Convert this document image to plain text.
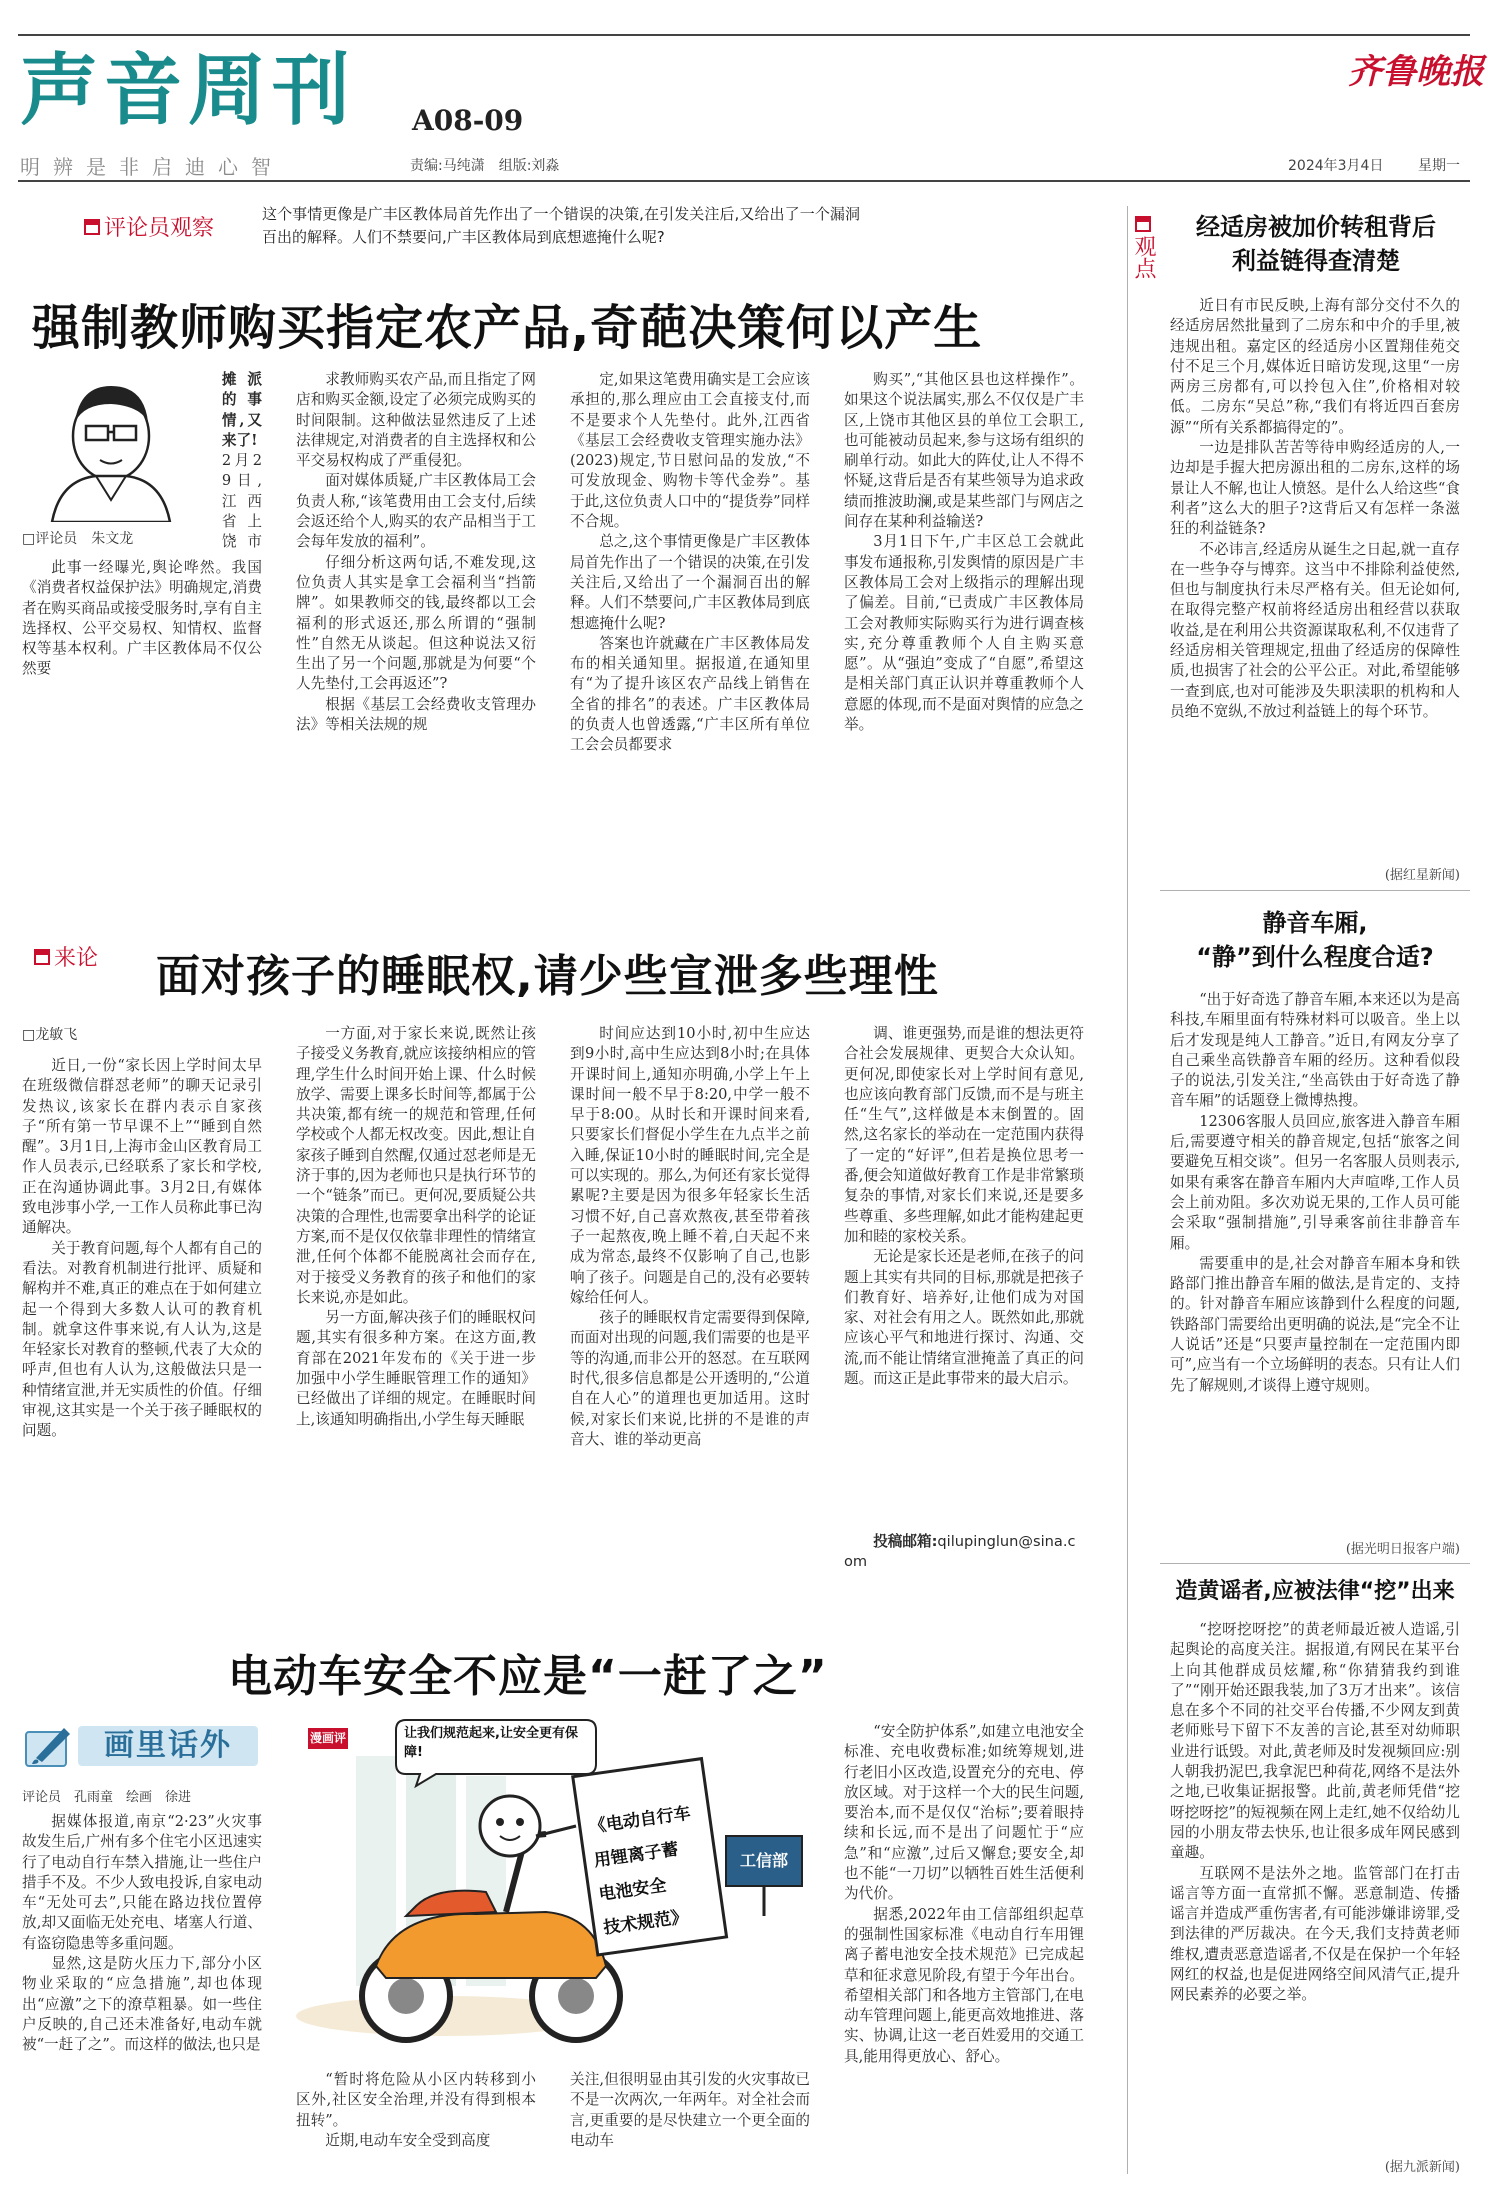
声音周刊 A08-09
明辨是非启迪心智	责编:马纯潇　组版:刘淼	2024年3月4日 星期一
齐鲁晚报
评论员观察
这个事情更像是广丰区教体局首先作出了一个错误的决策,在引发关注后,又给出了一个漏洞百出的解释。人们不禁要问,广丰区教体局到底想遮掩什么呢?
强制教师购买指定农产品,奇葩决策何以产生
□评论员　朱文龙
摊派的事情,又来了!
2月29日,江西省上饶市
此事一经曝光,舆论哗然。我国《消费者权益保护法》明确规定,消费者在购买商品或接受服务时,享有自主选择权、公平交易权、知情权、监督权等基本权利。广丰区教体局不仅公然要
求教师购买农产品,而且指定了网店和购买金额,设定了必须完成购买的时间限制。这种做法显然违反了上述法律规定,对消费者的自主选择权和公平交易权构成了严重侵犯。
面对媒体质疑,广丰区教体局工会负责人称,“该笔费用由工会支付,后续会返还给个人,购买的农产品相当于工会每年发放的福利”。
仔细分析这两句话,不难发现,这位负责人其实是拿工会福利当“挡箭牌”。如果教师交的钱,最终都以工会福利的形式返还,那么所谓的“强制性”自然无从谈起。但这种说法又衍生出了另一个问题,那就是为何要“个人先垫付,工会再返还”?
根据《基层工会经费收支管理办法》等相关法规的规
定,如果这笔费用确实是工会应该承担的,那么理应由工会直接支付,而不是要求个人先垫付。此外,江西省《基层工会经费收支管理实施办法》(2023)规定,节日慰问品的发放,“不可发放现金、购物卡等代金券”。基于此,这位负责人口中的“提货券”同样不合规。
总之,这个事情更像是广丰区教体局首先作出了一个错误的决策,在引发关注后,又给出了一个漏洞百出的解释。人们不禁要问,广丰区教体局到底想遮掩什么呢?
答案也许就藏在广丰区教体局发布的相关通知里。据报道,在通知里有“为了提升该区农产品线上销售在全省的排名”的表述。广丰区教体局的负责人也曾透露,“广丰区所有单位工会会员都要求
购买”,“其他区县也这样操作”。如果这个说法属实,那么不仅仅是广丰区,上饶市其他区县的单位工会职工,也可能被动员起来,参与这场有组织的刷单行动。如此大的阵仗,让人不得不怀疑,这背后是否有某些领导为追求政绩而推波助澜,或是某些部门与网店之间存在某种利益输送?
3月1日下午,广丰区总工会就此事发布通报称,引发舆情的原因是广丰区教体局工会对上级指示的理解出现了偏差。目前,“已责成广丰区教体局工会对教师实际购买行为进行调查核实,充分尊重教师个人自主购买意愿”。从“强迫”变成了“自愿”,希望这是相关部门真正认识并尊重教师个人意愿的体现,而不是面对舆情的应急之举。
来论 面对孩子的睡眠权,请少些宣泄多些理性
□龙敏飞
近日,一份“家长因上学时间太早在班级微信群怼老师”的聊天记录引发热议,该家长在群内表示自家孩子“所有第一节早课不上”“睡到自然醒”。3月1日,上海市金山区教育局工作人员表示,已经联系了家长和学校,正在沟通协调此事。3月2日,有媒体致电涉事小学,一工作人员称此事已沟通解决。
关于教育问题,每个人都有自己的看法。对教育机制进行批评、质疑和解构并不难,真正的难点在于如何建立起一个得到大多数人认可的教育机制。就拿这件事来说,有人认为,这是年轻家长对教育的整顿,代表了大众的呼声,但也有人认为,这般做法只是一种情绪宣泄,并无实质性的价值。仔细审视,这其实是一个关于孩子睡眠权的问题。
一方面,对于家长来说,既然让孩子接受义务教育,就应该接纳相应的管理,学生什么时间开始上课、什么时候放学、需要上课多长时间等,都属于公共决策,都有统一的规范和管理,任何学校或个人都无权改变。因此,想让自家孩子睡到自然醒,仅通过怼老师是无济于事的,因为老师也只是执行环节的一个“链条”而已。更何况,要质疑公共决策的合理性,也需要拿出科学的论证方案,而不是仅仅依靠非理性的情绪宣泄,任何个体都不能脱离社会而存在,对于接受义务教育的孩子和他们的家长来说,亦是如此。
另一方面,解决孩子们的睡眠权问题,其实有很多种方案。在这方面,教育部在2021年发布的《关于进一步加强中小学生睡眠管理工作的通知》已经做出了详细的规定。在睡眠时间上,该通知明确指出,小学生每天睡眠
时间应达到10小时,初中生应达到9小时,高中生应达到8小时;在具体开课时间上,通知亦明确,小学上午上课时间一般不早于8:20,中学一般不早于8:00。从时长和开课时间来看,只要家长们督促小学生在九点半之前入睡,保证10小时的睡眠时间,完全是可以实现的。那么,为何还有家长觉得累呢?主要是因为很多年轻家长生活习惯不好,自己喜欢熬夜,甚至带着孩子一起熬夜,晚上睡不着,白天起不来成为常态,最终不仅影响了自己,也影响了孩子。问题是自己的,没有必要转嫁给任何人。
孩子的睡眠权肯定需要得到保障,而面对出现的问题,我们需要的也是平等的沟通,而非公开的怒怼。在互联网时代,很多信息都是公开透明的,“公道自在人心”的道理也更加适用。这时候,对家长们来说,比拼的不是谁的声音大、谁的举动更高
调、谁更强势,而是谁的想法更符合社会发展规律、更契合大众认知。更何况,即使家长对上学时间有意见,也应该向教育部门反馈,而不是与班主任“生气”,这样做是本末倒置的。固然,这名家长的举动在一定范围内获得了一定的“好评”,但若是换位思考一番,便会知道做好教育工作是非常繁琐复杂的事情,对家长们来说,还是要多些尊重、多些理解,如此才能构建起更加和睦的家校关系。
无论是家长还是老师,在孩子的问题上其实有共同的目标,那就是把孩子们教育好、培养好,让他们成为对国家、对社会有用之人。既然如此,那就应该心平气和地进行探讨、沟通、交流,而不能让情绪宣泄掩盖了真正的问题。而这正是此事带来的最大启示。
投稿邮箱:qilupinglun@sina.com
电动车安全不应是“一赶了之”
画里话外
评论员　孔雨童　绘画　徐进
据媒体报道,南京“2·23”火灾事故发生后,广州有多个住宅小区迅速实行了电动自行车禁入措施,让一些住户措手不及。不少人致电投诉,自家电动车“无处可去”,只能在路边找位置停放,却又面临无处充电、堵塞人行道、有盗窃隐患等多重问题。
显然,这是防火压力下,部分小区物业采取的“应急措施”,却也体现出“应激”之下的潦草粗暴。如一些住户反映的,自己还未准备好,电动车就被“一赶了之”。而这样的做法,也只是
漫画评	让我们规范起来,让安全更有保障!
《电动自行车
用锂离子蓄
电池安全
技术规范》
工信部
“暂时将危险从小区内转移到小区外,社区安全治理,并没有得到根本扭转”。
近期,电动车安全受到高度
关注,但很明显由其引发的火灾事故已不是一次两次,一年两年。对全社会而言,更重要的是尽快建立一个更全面的电动车
“安全防护体系”,如建立电池安全标准、充电收费标准;如统筹规划,进行老旧小区改造,设置充分的充电、停放区域。对于这样一个大的民生问题,要治本,而不是仅仅“治标”;要着眼持续和长远,而不是出了问题忙于“应急”和“应激”,过后又懈怠;要安全,却也不能“一刀切”以牺牲百姓生活便利为代价。
据悉,2022年由工信部组织起草的强制性国家标准《电动自行车用锂离子蓄电池安全技术规范》已完成起草和征求意见阶段,有望于今年出台。希望相关部门和各地方主管部门,在电动车管理问题上,能更高效地推进、落实、协调,让这一老百姓爱用的交通工具,能用得更放心、舒心。
观点
经适房被加价转租背后利益链得查清楚
近日有市民反映,上海有部分交付不久的经适房居然批量到了二房东和中介的手里,被违规出租。嘉定区的经适房小区置翔佳苑交付不足三个月,媒体近日暗访发现,这里“一房两房三房都有,可以拎包入住”,价格相对较低。二房东“吴总”称,“我们有将近四百套房源”“所有关系都搞得定的”。
一边是排队苦苦等待申购经适房的人,一边却是手握大把房源出租的二房东,这样的场景让人不解,也让人愤怒。是什么人给这些“食利者”这么大的胆子?这背后又有怎样一条滋狂的利益链条?
不必讳言,经适房从诞生之日起,就一直存在一些争夺与博弈。这当中不排除利益使然,但也与制度执行未尽严格有关。但无论如何,在取得完整产权前将经适房出租经营以获取收益,是在利用公共资源谋取私利,不仅违背了经适房相关管理规定,扭曲了经适房的保障性质,也损害了社会的公平公正。对此,希望能够一查到底,也对可能涉及失职渎职的机构和人员绝不宽纵,不放过利益链上的每个环节。
(据红星新闻)
静音车厢,
“静”到什么程度合适?
“出于好奇选了静音车厢,本来还以为是高科技,车厢里面有特殊材料可以吸音。坐上以后才发现是纯人工静音。”近日,有网友分享了自己乘坐高铁静音车厢的经历。这种看似段子的说法,引发关注,“坐高铁由于好奇选了静音车厢”的话题登上微博热搜。
12306客服人员回应,旅客进入静音车厢后,需要遵守相关的静音规定,包括“旅客之间要避免互相交谈”。但另一名客服人员则表示,如果有乘客在静音车厢内大声喧哗,工作人员会上前劝阻。多次劝说无果的,工作人员可能会采取“强制措施”,引导乘客前往非静音车厢。
需要重申的是,社会对静音车厢本身和铁路部门推出静音车厢的做法,是肯定的、支持的。针对静音车厢应该静到什么程度的问题,铁路部门需要给出更明确的说法,是“完全不让人说话”还是“只要声量控制在一定范围内即可”,应当有一个立场鲜明的表态。只有让人们先了解规则,才谈得上遵守规则。
(据光明日报客户端)
造黄谣者,应被法律“挖”出来
“挖呀挖呀挖”的黄老师最近被人造谣,引起舆论的高度关注。据报道,有网民在某平台上向其他群成员炫耀,称“你猜猜我约到谁了”“刚开始还跟我装,加了3万才出来”。该信息在多个不同的社交平台传播,不少网友到黄老师账号下留下不友善的言论,甚至对幼师职业进行诋毁。对此,黄老师及时发视频回应:别人朝我扔泥巴,我拿泥巴种荷花,网络不是法外之地,已收集证据报警。此前,黄老师凭借“挖呀挖呀挖”的短视频在网上走红,她不仅给幼儿园的小朋友带去快乐,也让很多成年网民感到童趣。
互联网不是法外之地。监管部门在打击谣言等方面一直常抓不懈。恶意制造、传播谣言并造成严重伤害者,有可能涉嫌诽谤罪,受到法律的严厉裁决。在今天,我们支持黄老师维权,遭责恶意造谣者,不仅是在保护一个年轻网红的权益,也是促进网络空间风清气正,提升网民素养的必要之举。
(据九派新闻)
